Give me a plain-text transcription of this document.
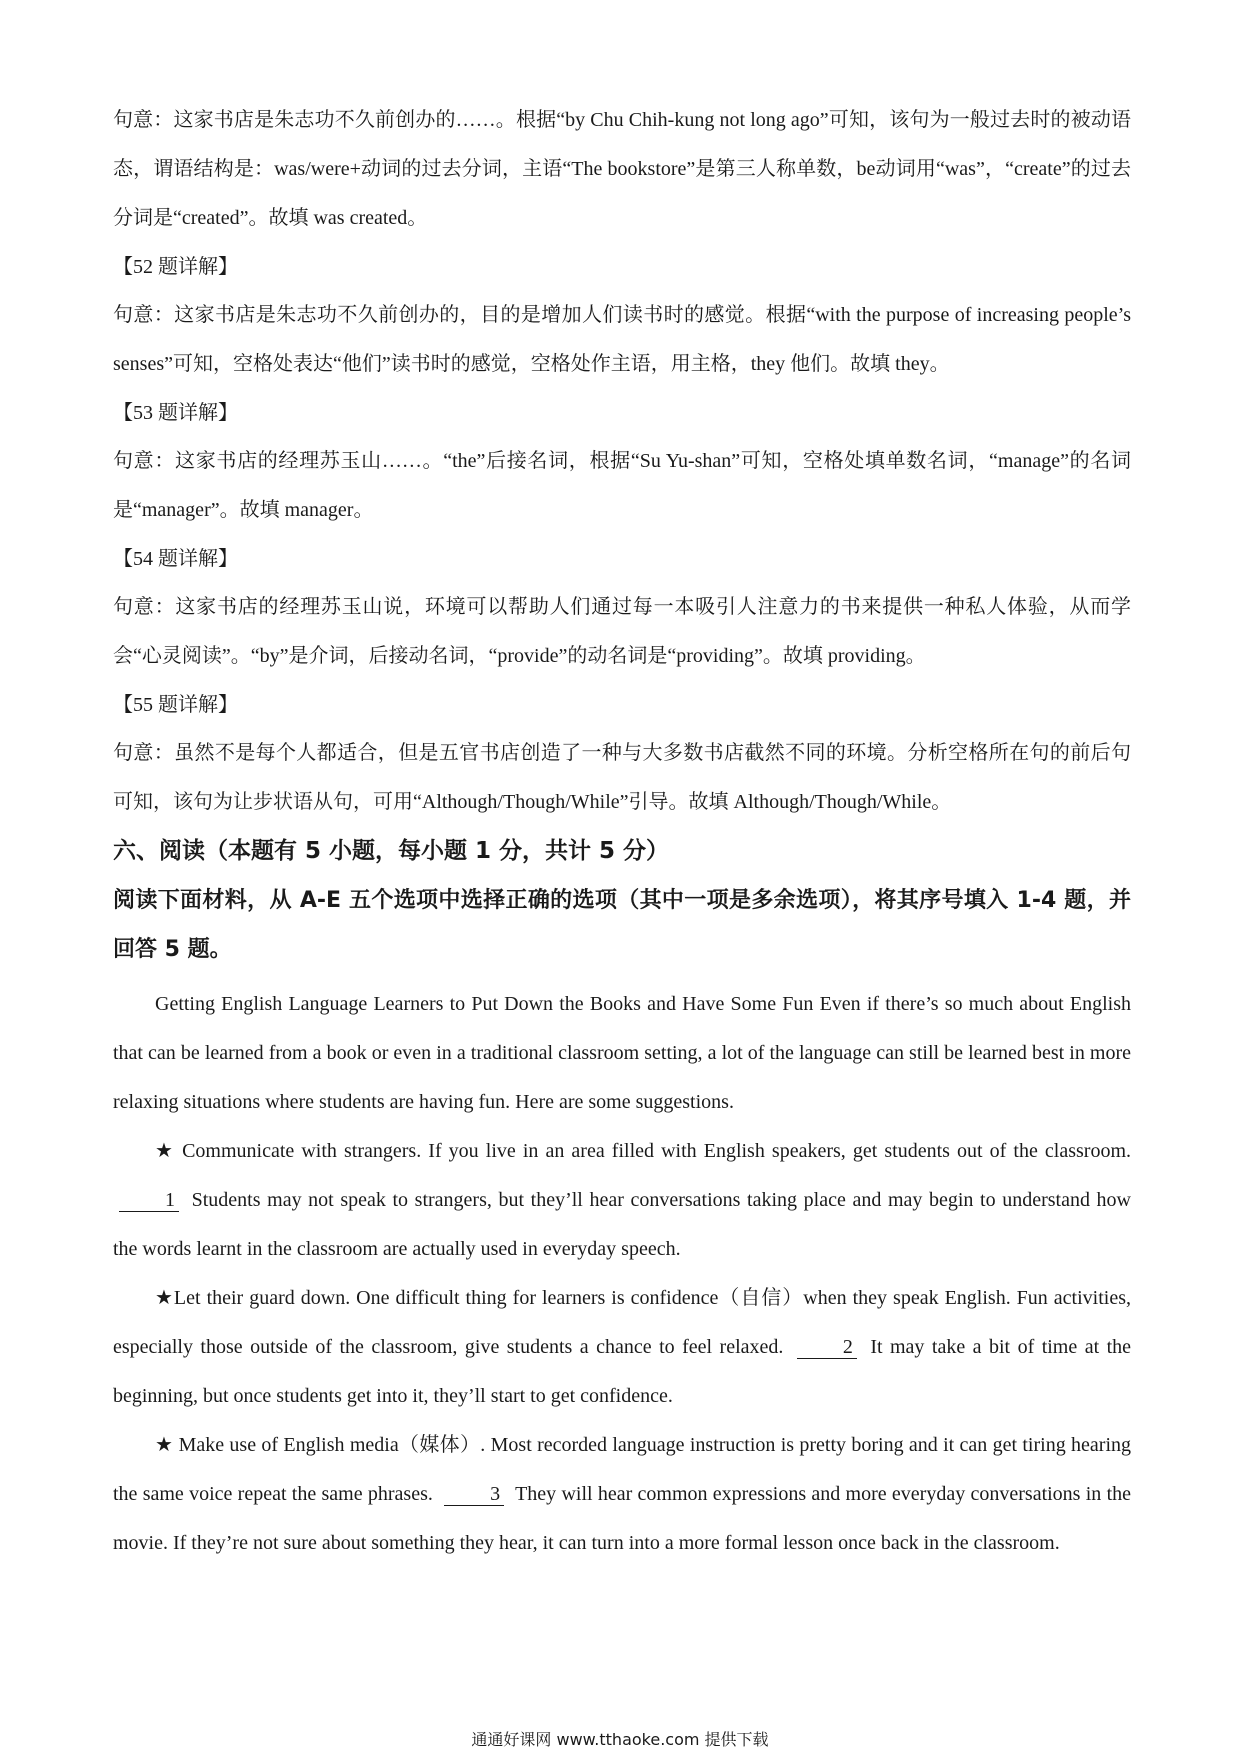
句意：这家书店是朱志功不久前创办的……。根据“by Chu Chih-kung not long ago”可知，该句为一般过去时的被动语态，谓语结构是：was/were+动词的过去分词，主语“The bookstore”是第三人称单数，be动词用“was”，“create”的过去分词是“created”。故填 was created。

【52 题详解】

句意：这家书店是朱志功不久前创办的，目的是增加人们读书时的感觉。根据“with the purpose of increasing people’s senses”可知，空格处表达“他们”读书时的感觉，空格处作主语，用主格，they 他们。故填 they。

【53 题详解】

句意：这家书店的经理苏玉山……。“the”后接名词，根据“Su Yu-shan”可知，空格处填单数名词，“manage”的名词是“manager”。故填 manager。

【54 题详解】

句意：这家书店的经理苏玉山说，环境可以帮助人们通过每一本吸引人注意力的书来提供一种私人体验，从而学会“心灵阅读”。“by”是介词，后接动名词，“provide”的动名词是“providing”。故填 providing。

【55 题详解】

句意：虽然不是每个人都适合，但是五官书店创造了一种与大多数书店截然不同的环境。分析空格所在句的前后句可知，该句为让步状语从句，可用“Although/Though/While”引导。故填 Although/Though/While。

六、阅读（本题有 5 小题，每小题 1 分，共计 5 分）

阅读下面材料，从 A-E 五个选项中选择正确的选项（其中一项是多余选项），将其序号填入 1-4 题，并回答 5 题。

Getting English Language Learners to Put Down the Books and Have Some Fun Even if there’s so much about English that can be learned from a book or even in a traditional classroom setting, a lot of the language can still be learned best in more relaxing situations where students are having fun. Here are some suggestions.

★ Communicate with strangers. If you live in an area filled with English speakers, get students out of the classroom. 1 Students may not speak to strangers, but they’ll hear conversations taking place and may begin to understand how the words learnt in the classroom are actually used in everyday speech.

★Let their guard down. One difficult thing for learners is confidence（自信）when they speak English. Fun activities, especially those outside of the classroom, give students a chance to feel relaxed.	2 It may take a bit of time at the beginning, but once students get into it, they’ll start to get confidence.

★ Make use of English media（媒体）. Most recorded language instruction is pretty boring and it can get tiring hearing the same voice repeat the same phrases.	3 They will hear common expressions and more everyday conversations in the movie. If they’re not sure about something they hear, it can turn into a more formal lesson once back in the classroom.

通通好课网 www.tthaoke.com 提供下载
